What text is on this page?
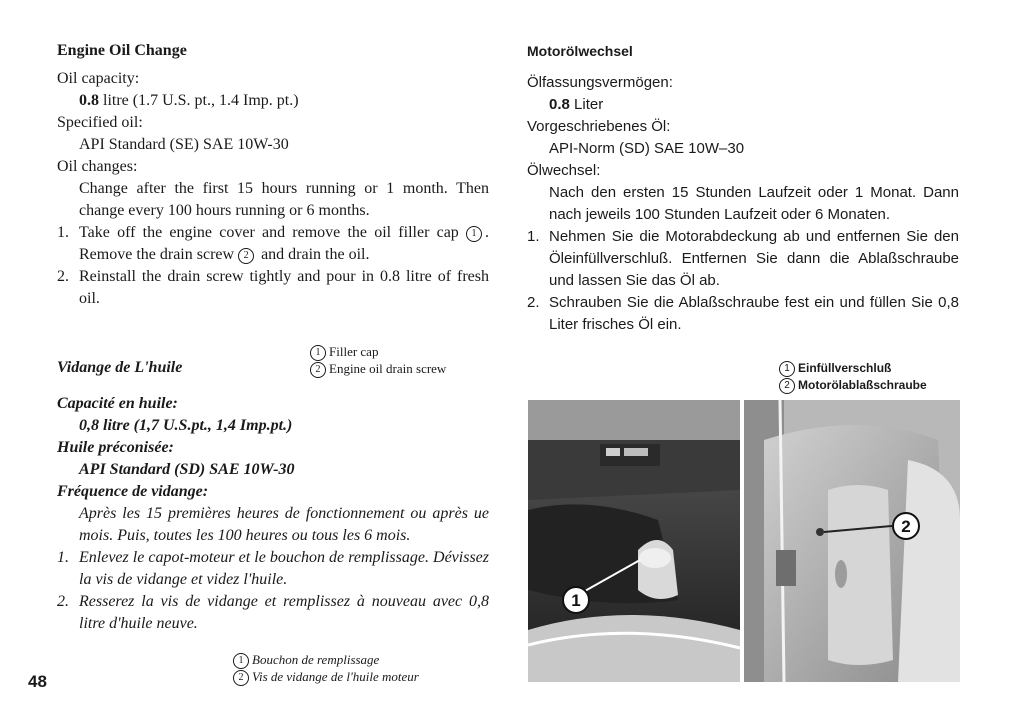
Engine Oil Change
Oil capacity:
0.8 litre (1.7 U.S. pt., 1.4 Imp. pt.)
Specified oil:
API Standard (SE) SAE 10W-30
Oil changes:
Change after the first 15 hours running or 1 month. Then change every 100 hours running or 6 months.
1. Take off the engine cover and remove the oil filler cap 1 . Remove the drain screw 2 and drain the oil.
2. Reinstall the drain screw tightly and pour in 0.8 litre of fresh oil.
1 Filler cap
2 Engine oil drain screw
Vidange de L'huile
Capacité en huile:
0,8 litre (1,7 U.S.pt., 1,4 Imp.pt.)
Huile préconisée:
API Standard (SD) SAE 10W-30
Fréquence de vidange:
Après les 15 premières heures de fonctionnement ou après ue mois. Puis, toutes les 100 heures ou tous les 6 mois.
1. Enlevez le capot-moteur et le bouchon de remplissage. Dévissez la vis de vidange et videz l'huile.
2. Resserez la vis de vidange et remplissez à nouveau avec 0,8 litre d'huile neuve.
1 Bouchon de remplissage
2 Vis de vidange de l'huile moteur
Motorölwechsel
Ölfassungsvermögen:
0.8 Liter
Vorgeschriebenes Öl:
API-Norm (SD) SAE 10W–30
Ölwechsel:
Nach den ersten 15 Stunden Laufzeit oder 1 Monat. Dann nach jeweils 100 Stunden Laufzeit oder 6 Monaten.
1. Nehmen Sie die Motorabdeckung ab und entfernen Sie den Öleinfüllverschluß. Entfernen Sie dann die Ablaßschraube und lassen Sie das Öl ab.
2. Schrauben Sie die Ablaßschraube fest ein und füllen Sie 0,8 Liter frisches Öl ein.
1 Einfüllverschluß
2 Motorölablaßschraube
1
2
48
